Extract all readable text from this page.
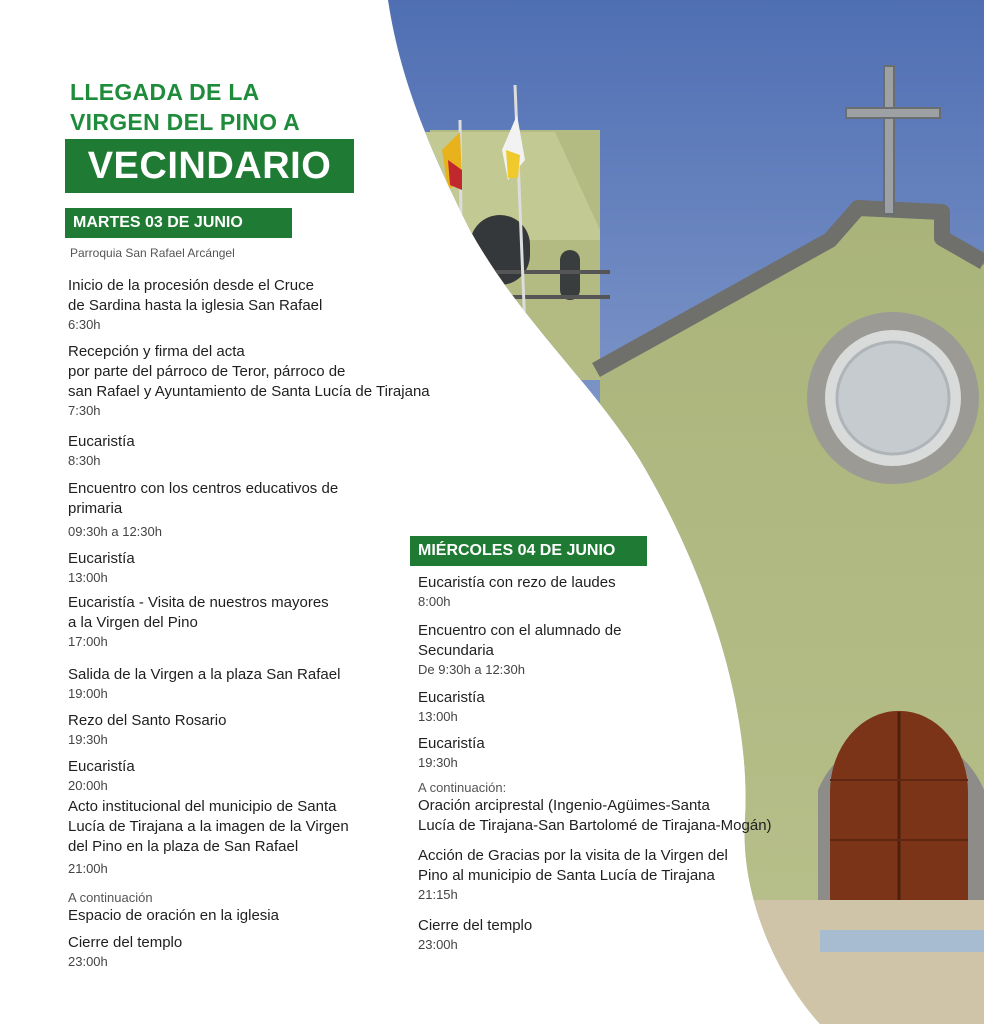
LLEGADA DE LA
VIRGEN DEL PINO A
VECINDARIO
MARTES 03 DE JUNIO
Parroquia San Rafael Arcángel
Inicio de la procesión desde el Cruce
de Sardina hasta la iglesia San Rafael
6:30h
Recepción y firma del acta
por parte del párroco de Teror, párroco de
san Rafael y Ayuntamiento de Santa Lucía de Tirajana
7:30h
Eucaristía
8:30h
Encuentro con los centros educativos de
primaria
09:30h a 12:30h
Eucaristía
13:00h
Eucaristía - Visita de nuestros mayores
a la Virgen del Pino
17:00h
Salida de la Virgen a la plaza San Rafael
19:00h
Rezo del Santo Rosario
19:30h
Eucaristía
20:00h
Acto institucional del municipio de Santa
Lucía de Tirajana a la imagen de la Virgen
del Pino en la plaza de San Rafael
21:00h
A continuación
Espacio de oración en la iglesia
Cierre del templo
23:00h
MIÉRCOLES 04 DE JUNIO
Eucaristía con rezo de laudes
8:00h
Encuentro con el alumnado de
Secundaria
De 9:30h a 12:30h
Eucaristía
13:00h
Eucaristía
19:30h
A continuación:
Oración arciprestal (Ingenio-Agüimes-Santa
Lucía de Tirajana-San Bartolomé de Tirajana-Mogán)
Acción de Gracias por la visita de la Virgen del
Pino al municipio de Santa Lucía de Tirajana
21:15h
Cierre del templo
23:00h
